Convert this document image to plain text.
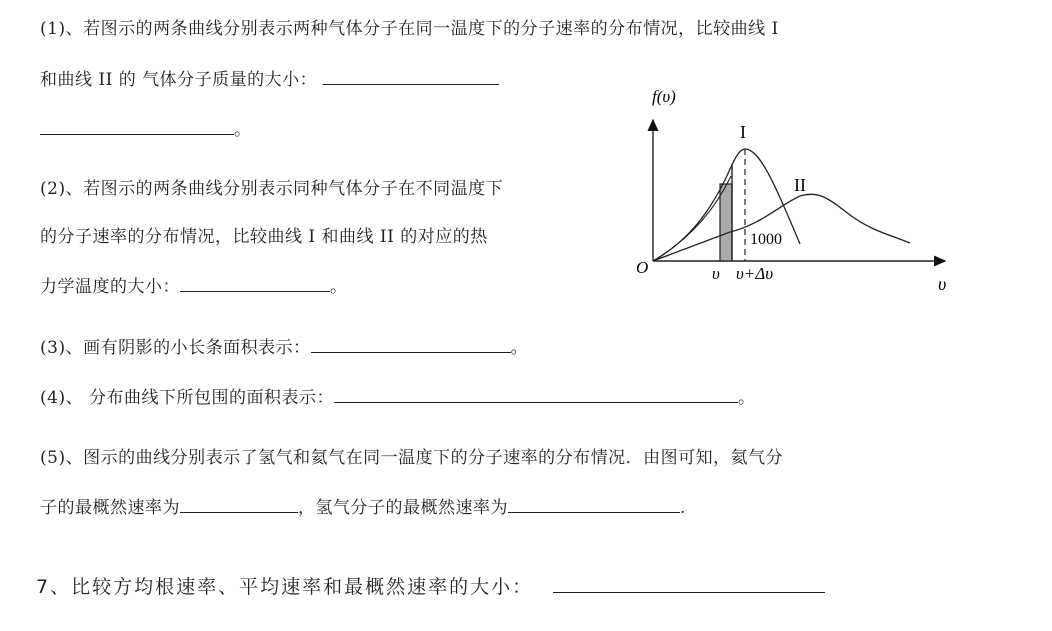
(1)、若图示的两条曲线分别表示两种气体分子在同一温度下的分子速率的分布情况，比较曲线 I
和曲线 II 的 气体分子质量的大小：
。
(2)、若图示的两条曲线分别表示同种气体分子在不同温度下
的分子速率的分布情况，比较曲线 I 和曲线 II 的对应的热
力学温度的大小：	。
(3)、画有阴影的小长条面积表示：	。
(4)、 分布曲线下所包围的面积表示：	。
(5)、图示的曲线分别表示了氢气和氦气在同一温度下的分子速率的分布情况．由图可知，氦气分
子的最概然速率为	，氢气分子的最概然速率为	.
7、比较方均根速率、平均速率和最概然速率的大小：
f(υ)
υ
O
I
II
1000
υ υ+Δυ
